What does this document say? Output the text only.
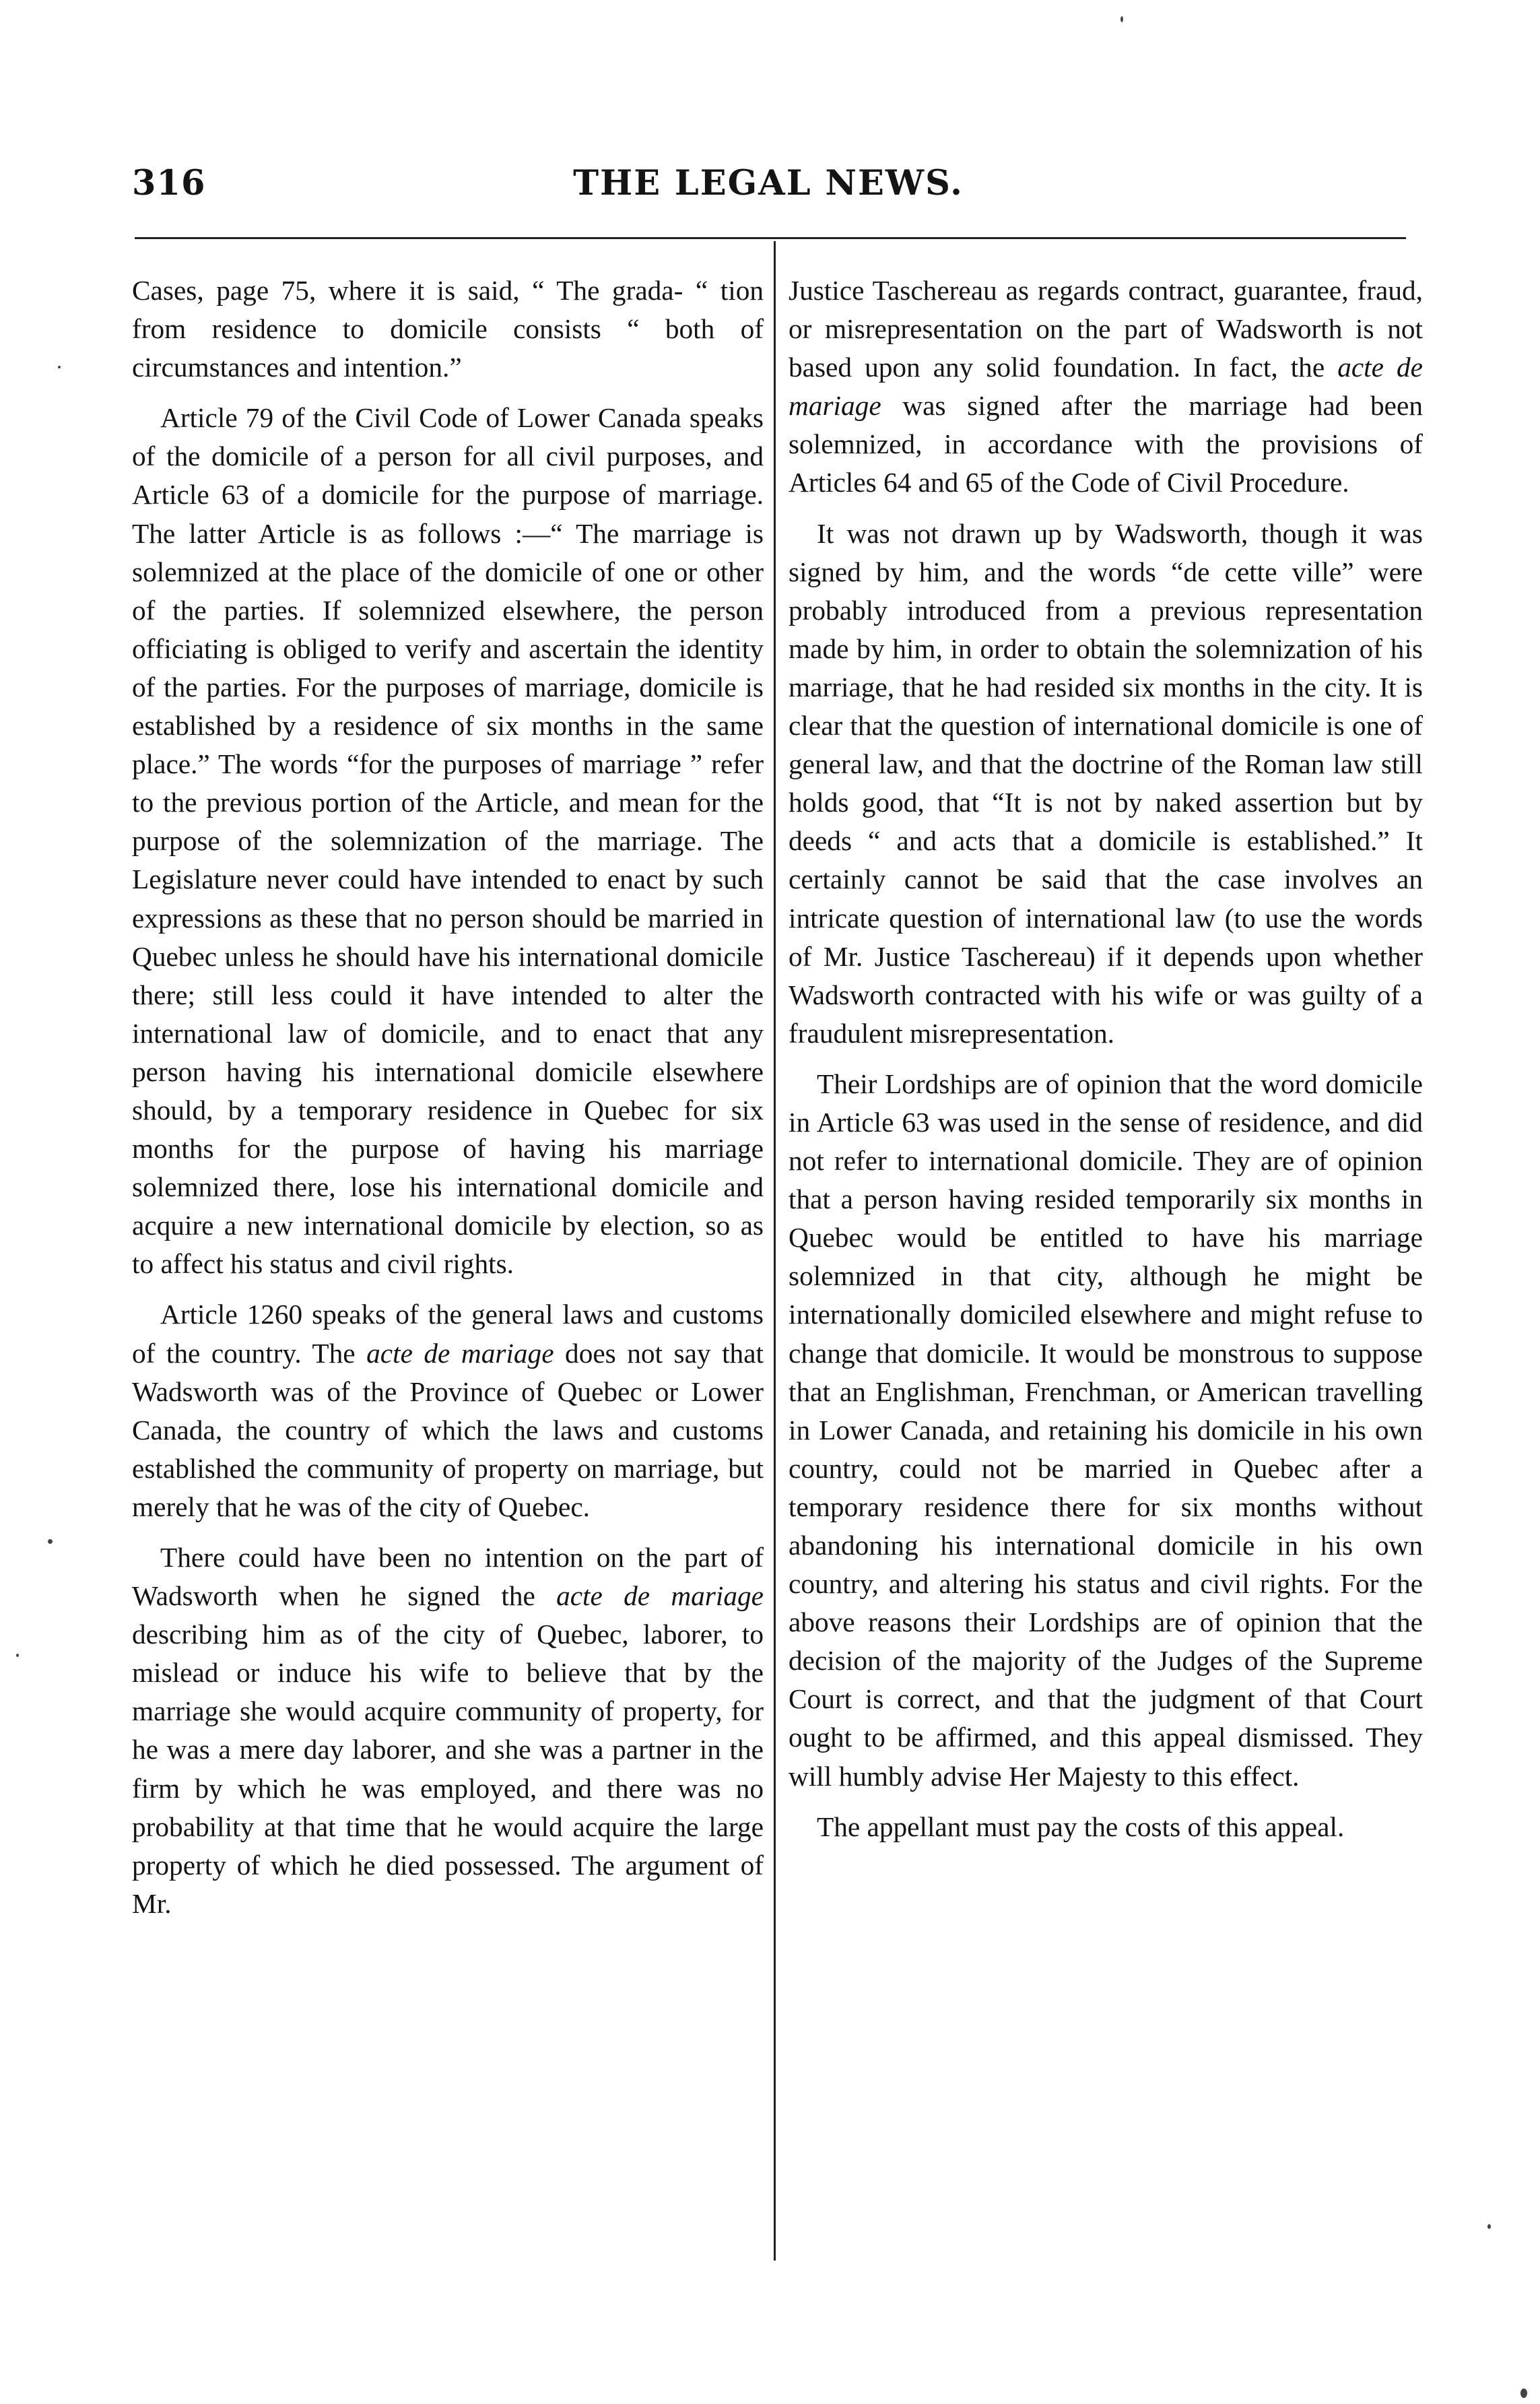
316	THE LEGAL NEWS.

Cases, page 75, where it is said, “ The grada- “ tion from residence to domicile consists “ both of circumstances and intention.”

Article 79 of the Civil Code of Lower Canada speaks of the domicile of a person for all civil purposes, and Article 63 of a domicile for the purpose of marriage. The latter Article is as follows :—“ The marriage is solemnized at the place of the domicile of one or other of the parties. If solemnized elsewhere, the person officiating is obliged to verify and ascertain the identity of the parties. For the purposes of marriage, domicile is established by a residence of six months in the same place.” The words “for the purposes of marriage ” refer to the previous portion of the Article, and mean for the purpose of the solemnization of the marriage. The Legislature never could have intended to enact by such expressions as these that no person should be married in Quebec unless he should have his international domicile there; still less could it have intended to alter the international law of domicile, and to enact that any person having his international domicile elsewhere should, by a temporary residence in Quebec for six months for the purpose of having his marriage solemnized there, lose his international domicile and acquire a new international domicile by election, so as to affect his status and civil rights.

Article 1260 speaks of the general laws and customs of the country. The acte de mariage does not say that Wadsworth was of the Province of Quebec or Lower Canada, the country of which the laws and customs established the community of property on marriage, but merely that he was of the city of Quebec.

There could have been no intention on the part of Wadsworth when he signed the acte de mariage describing him as of the city of Quebec, laborer, to mislead or induce his wife to believe that by the marriage she would acquire community of property, for he was a mere day laborer, and she was a partner in the firm by which he was employed, and there was no probability at that time that he would acquire the large property of which he died possessed. The argument of Mr.

Justice Taschereau as regards contract, guarantee, fraud, or misrepresentation on the part of Wadsworth is not based upon any solid foundation. In fact, the acte de mariage was signed after the marriage had been solemnized, in accordance with the provisions of Articles 64 and 65 of the Code of Civil Procedure.

It was not drawn up by Wadsworth, though it was signed by him, and the words “de cette ville” were probably introduced from a previous representation made by him, in order to obtain the solemnization of his marriage, that he had resided six months in the city. It is clear that the question of international domicile is one of general law, and that the doctrine of the Roman law still holds good, that “It is not by naked assertion but by deeds “ and acts that a domicile is established.” It certainly cannot be said that the case involves an intricate question of international law (to use the words of Mr. Justice Taschereau) if it depends upon whether Wadsworth contracted with his wife or was guilty of a fraudulent misrepresentation.

Their Lordships are of opinion that the word domicile in Article 63 was used in the sense of residence, and did not refer to international domicile. They are of opinion that a person having resided temporarily six months in Quebec would be entitled to have his marriage solemnized in that city, although he might be internationally domiciled elsewhere and might refuse to change that domicile. It would be monstrous to suppose that an Englishman, Frenchman, or American travelling in Lower Canada, and retaining his domicile in his own country, could not be married in Quebec after a temporary residence there for six months without abandoning his international domicile in his own country, and altering his status and civil rights. For the above reasons their Lordships are of opinion that the decision of the majority of the Judges of the Supreme Court is correct, and that the judgment of that Court ought to be affirmed, and this appeal dismissed. They will humbly advise Her Majesty to this effect.

The appellant must pay the costs of this appeal.
